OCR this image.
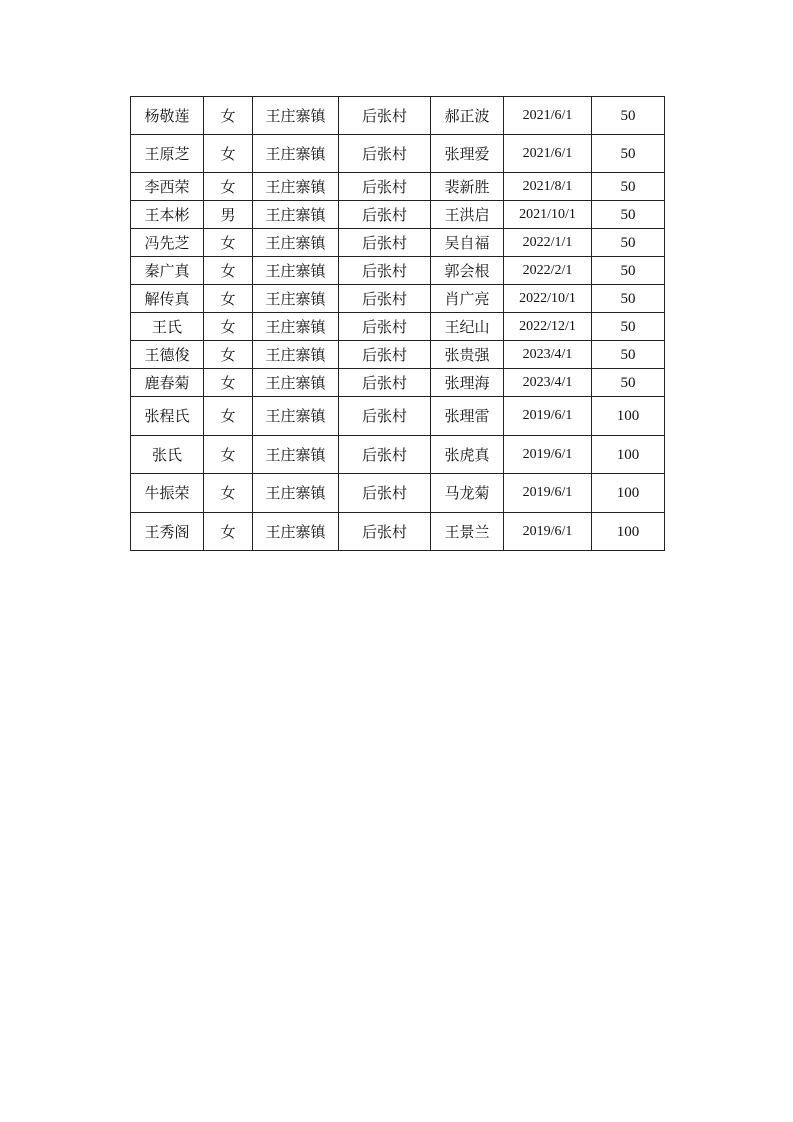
杨敬莲	女	王庄寨镇	后张村	郝正波	2021/6/1	50
王原芝	女	王庄寨镇	后张村	张理爱	2021/6/1	50
李西荣	女	王庄寨镇	后张村	裴新胜	2021/8/1	50
王本彬	男	王庄寨镇	后张村	王洪启	2021/10/1	50
冯先芝	女	王庄寨镇	后张村	吴自福	2022/1/1	50
秦广真	女	王庄寨镇	后张村	郭会根	2022/2/1	50
解传真	女	王庄寨镇	后张村	肖广亮	2022/10/1	50
王氏	女	王庄寨镇	后张村	王纪山	2022/12/1	50
王德俊	女	王庄寨镇	后张村	张贵强	2023/4/1	50
鹿春菊	女	王庄寨镇	后张村	张理海	2023/4/1	50
张程氏	女	王庄寨镇	后张村	张理雷	2019/6/1	100
张氏	女	王庄寨镇	后张村	张虎真	2019/6/1	100
牛振荣	女	王庄寨镇	后张村	马龙菊	2019/6/1	100
王秀阁	女	王庄寨镇	后张村	王景兰	2019/6/1	100
